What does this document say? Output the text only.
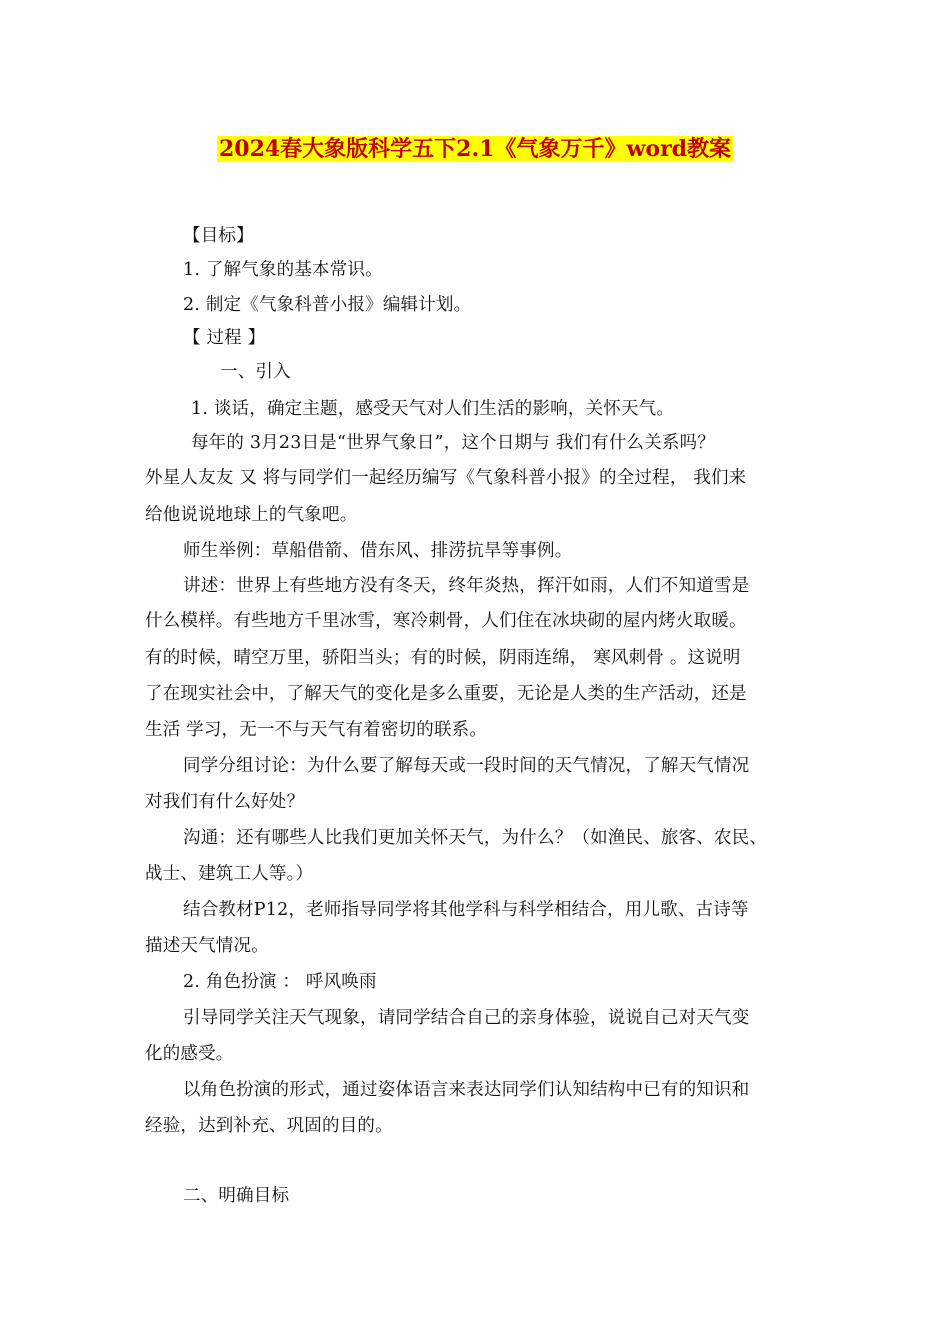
2024春大象版科学五下2.1《气象万千》word教案
【目标】
1. 了解气象的基本常识。
2. 制定《气象科普小报》编辑计划。
【 过程 】
一、引入
1. 谈话，确定主题，感受天气对人们生活的影响，关怀天气。
每年的 3月23日是“世界气象日”，这个日期与 我们有什么关系吗？
外星人友友 又 将与同学们一起经历编写《气象科普小报》的全过程， 我们来
给他说说地球上的气象吧。
师生举例：草船借箭、借东风、排涝抗旱等事例。
讲述：世界上有些地方没有冬天，终年炎热，挥汗如雨，人们不知道雪是
什么模样。有些地方千里冰雪，寒冷刺骨，人们住在冰块砌的屋内烤火取暖。
有的时候，晴空万里，骄阳当头；有的时候，阴雨连绵， 寒风刺骨 。这说明
了在现实社会中，了解天气的变化是多么重要，无论是人类的生产活动，还是
生活 学习，无一不与天气有着密切的联系。
同学分组讨论：为什么要了解每天或一段时间的天气情况，了解天气情况
对我们有什么好处？
沟通：还有哪些人比我们更加关怀天气，为什么？（如渔民、旅客、农民、
战士、建筑工人等。）
结合教材P12，老师指导同学将其他学科与科学相结合，用儿歌、古诗等
描述天气情况。
2. 角色扮演 ： 呼风唤雨
引导同学关注天气现象，请同学结合自己的亲身体验，说说自己对天气变
化的感受。
以角色扮演的形式，通过姿体语言来表达同学们认知结构中已有的知识和
经验，达到补充、巩固的目的。
二、明确目标
